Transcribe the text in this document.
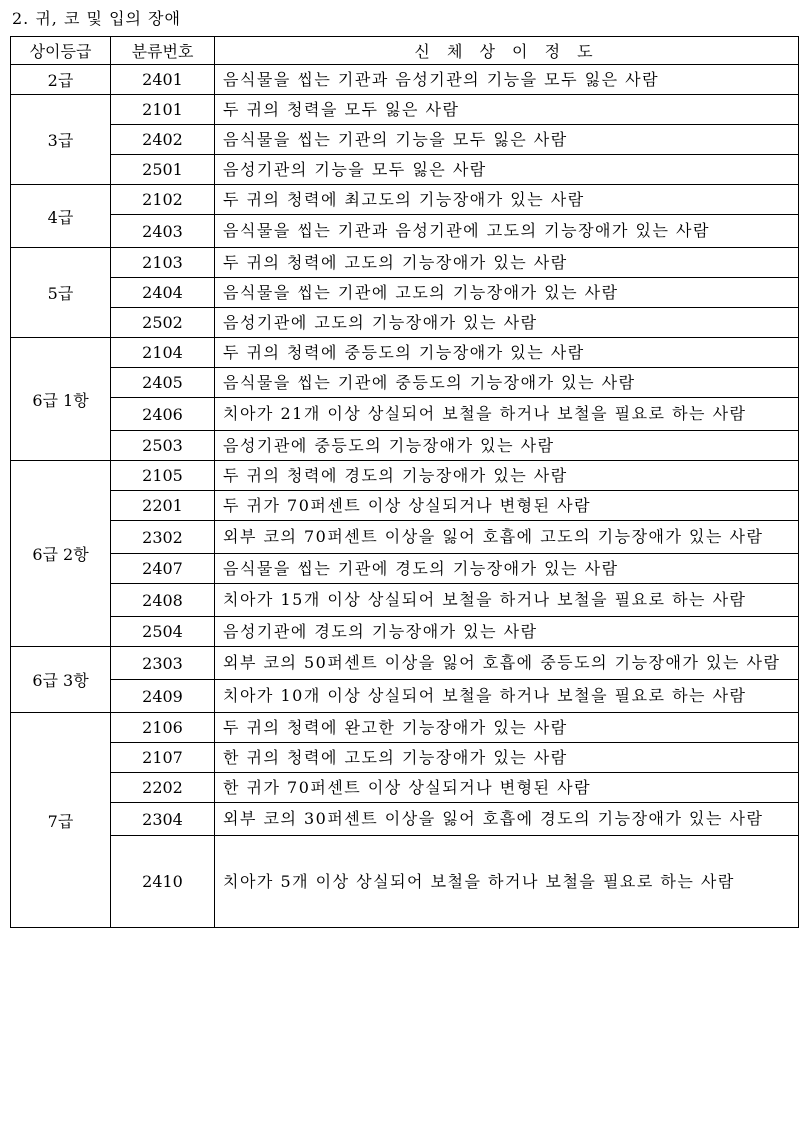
2. 귀, 코 및 입의 장애
상이등급	분류번호	신 체 상 이 정 도
2급	2401	음식물을 씹는 기관과 음성기관의 기능을 모두 잃은 사람
3급	2101	두 귀의 청력을 모두 잃은 사람
	2402	음식물을 씹는 기관의 기능을 모두 잃은 사람
	2501	음성기관의 기능을 모두 잃은 사람
4급	2102	두 귀의 청력에 최고도의 기능장애가 있는 사람
	2403	음식물을 씹는 기관과 음성기관에 고도의 기능장애가 있는 사람
5급	2103	두 귀의 청력에 고도의 기능장애가 있는 사람
	2404	음식물을 씹는 기관에 고도의 기능장애가 있는 사람
	2502	음성기관에 고도의 기능장애가 있는 사람
6급 1항	2104	두 귀의 청력에 중등도의 기능장애가 있는 사람
	2405	음식물을 씹는 기관에 중등도의 기능장애가 있는 사람
	2406	치아가 21개 이상 상실되어 보철을 하거나 보철을 필요로 하는 사람
	2503	음성기관에 중등도의 기능장애가 있는 사람
6급 2항	2105	두 귀의 청력에 경도의 기능장애가 있는 사람
	2201	두 귀가 70퍼센트 이상 상실되거나 변형된 사람
	2302	외부 코의 70퍼센트 이상을 잃어 호흡에 고도의 기능장애가 있는 사람
	2407	음식물을 씹는 기관에 경도의 기능장애가 있는 사람
	2408	치아가 15개 이상 상실되어 보철을 하거나 보철을 필요로 하는 사람
	2504	음성기관에 경도의 기능장애가 있는 사람
6급 3항	2303	외부 코의 50퍼센트 이상을 잃어 호흡에 중등도의 기능장애가 있는 사람
	2409	치아가 10개 이상 상실되어 보철을 하거나 보철을 필요로 하는 사람
7급	2106	두 귀의 청력에 완고한 기능장애가 있는 사람
	2107	한 귀의 청력에 고도의 기능장애가 있는 사람
	2202	한 귀가 70퍼센트 이상 상실되거나 변형된 사람
	2304	외부 코의 30퍼센트 이상을 잃어 호흡에 경도의 기능장애가 있는 사람
	2410	치아가 5개 이상 상실되어 보철을 하거나 보철을 필요로 하는 사람
